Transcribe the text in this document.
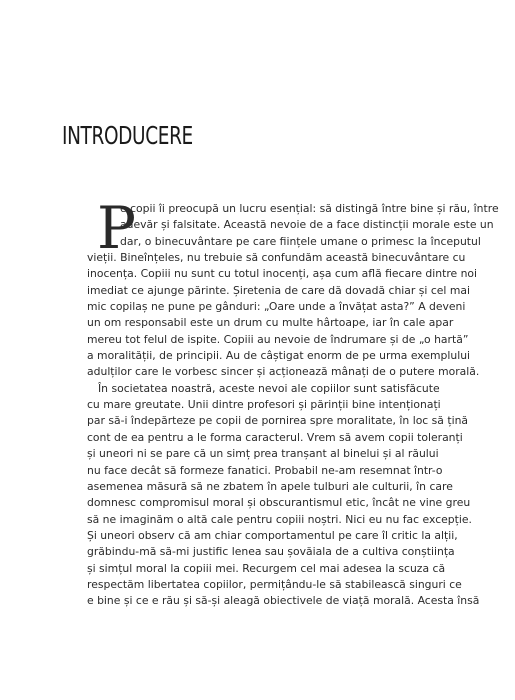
INTRODUCERE
P
e copii îi preocupă un lucru esențial: să distingă între bine și rău, între
adevăr și falsitate. Această nevoie de a face distincții morale este un
dar, o binecuvântare pe care ființele umane o primesc la începutul
vieții. Bineînțeles, nu trebuie să confundăm această binecuvântare cu
inocența. Copiii nu sunt cu totul inocenți, așa cum află fiecare dintre noi
imediat ce ajunge părinte. Șiretenia de care dă dovadă chiar și cel mai
mic copilaș ne pune pe gânduri: „Oare unde a învățat asta?” A deveni
un om responsabil este un drum cu multe hârtoape, iar în cale apar
mereu tot felul de ispite. Copiii au nevoie de îndrumare și de „o hartă”
a moralității, de principii. Au de câștigat enorm de pe urma exemplului
adulților care le vorbesc sincer și acționează mânați de o putere morală.
În societatea noastră, aceste nevoi ale copiilor sunt satisfăcute
cu mare greutate. Unii dintre profesori și părinții bine intenționați
par să-i îndepărteze pe copii de pornirea spre moralitate, în loc să țină
cont de ea pentru a le forma caracterul. Vrem să avem copii toleranți
și uneori ni se pare că un simț prea tranșant al binelui și al răului
nu face decât să formeze fanatici. Probabil ne-am resemnat într-o
asemenea măsură să ne zbatem în apele tulburi ale culturii, în care
domnesc compromisul moral și obscurantismul etic, încât ne vine greu
să ne imaginăm o altă cale pentru copiii noștri. Nici eu nu fac excepție.
Și uneori observ că am chiar comportamentul pe care îl critic la alții,
grăbindu-mă să-mi justific lenea sau șovăiala de a cultiva conștiința
și simțul moral la copiii mei. Recurgem cel mai adesea la scuza că
respectăm libertatea copiilor, permițându-le să stabilească singuri ce
e bine și ce e rău și să-și aleagă obiectivele de viață morală. Acesta însă
